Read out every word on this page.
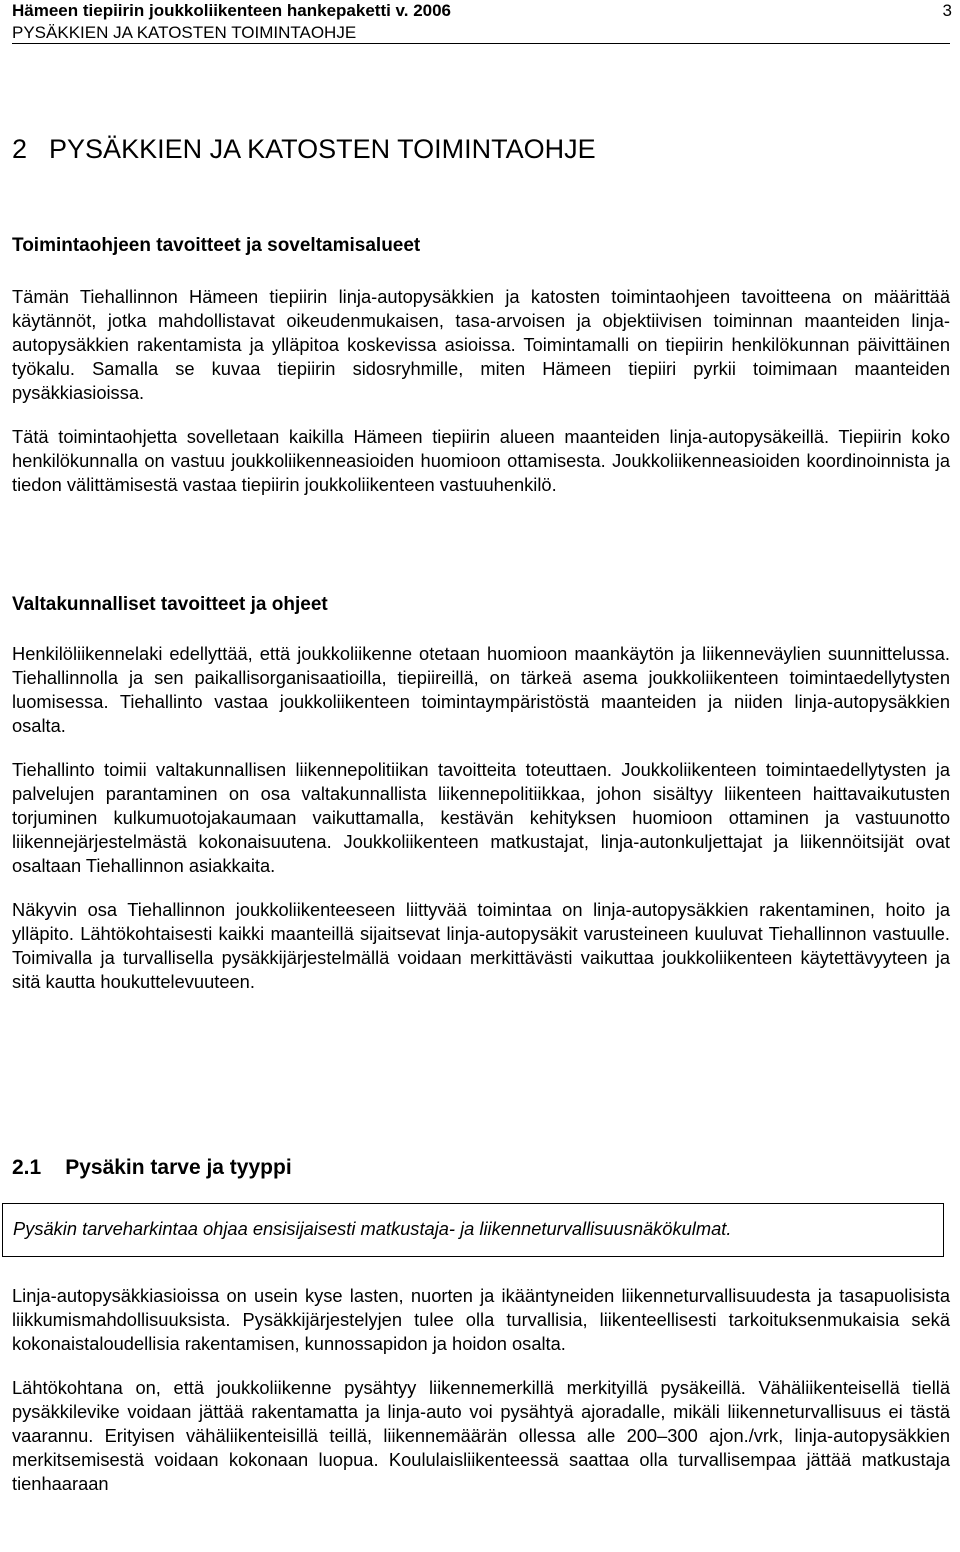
Hämeen tiepiirin joukkoliikenteen hankepaketti v. 2006
PYSÄKKIEN JA KATOSTEN TOIMINTAOHJE
3
2 PYSÄKKIEN JA KATOSTEN TOIMINTAOHJE
Toimintaohjeen tavoitteet ja soveltamisalueet
Tämän Tiehallinnon Hämeen tiepiirin linja-autopysäkkien ja katosten toimintaohjeen tavoitteena on määrittää käytännöt, jotka mahdollistavat oikeudenmukaisen, tasa-arvoisen ja objektiivisen toiminnan maanteiden linja-autopysäkkien rakentamista ja ylläpitoa koskevissa asioissa. Toimintamalli on tiepiirin henkilökunnan päivittäinen työkalu. Samalla se kuvaa tiepiirin sidosryhmille, miten Hämeen tiepiiri pyrkii toimimaan maanteiden pysäkkiasioissa.
Tätä toimintaohjetta sovelletaan kaikilla Hämeen tiepiirin alueen maanteiden linja-autopysäkeillä. Tiepiirin koko henkilökunnalla on vastuu joukkoliikenneasioiden huomioon ottamisesta. Joukkoliikenneasioiden koordinoinnista ja tiedon välittämisestä vastaa tiepiirin joukkoliikenteen vastuuhenkilö.
Valtakunnalliset tavoitteet ja ohjeet
Henkilöliikennelaki edellyttää, että joukkoliikenne otetaan huomioon maankäytön ja liikenneväylien suunnittelussa. Tiehallinnolla ja sen paikallisorganisaatioilla, tiepiireillä, on tärkeä asema joukkoliikenteen toimintaedellytysten luomisessa. Tiehallinto vastaa joukkoliikenteen toimintaympäristöstä maanteiden ja niiden linja-autopysäkkien osalta.
Tiehallinto toimii valtakunnallisen liikennepolitiikan tavoitteita toteuttaen. Joukkoliikenteen toimintaedellytysten ja palvelujen parantaminen on osa valtakunnallista liikennepolitiikkaa, johon sisältyy liikenteen haittavaikutusten torjuminen kulkumuotojakaumaan vaikuttamalla, kestävän kehityksen huomioon ottaminen ja vastuunotto liikennejärjestelmästä kokonaisuutena. Joukkoliikenteen matkustajat, linja-autonkuljettajat ja liikennöitsijät ovat osaltaan Tiehallinnon asiakkaita.
Näkyvin osa Tiehallinnon joukkoliikenteeseen liittyvää toimintaa on linja-autopysäkkien rakentaminen, hoito ja ylläpito. Lähtökohtaisesti kaikki maanteillä sijaitsevat linja-autopysäkit varusteineen kuuluvat Tiehallinnon vastuulle. Toimivalla ja turvallisella pysäkkijärjestelmällä voidaan merkittävästi vaikuttaa joukkoliikenteen käytettävyyteen ja sitä kautta houkuttelevuuteen.
2.1 Pysäkin tarve ja tyyppi
Pysäkin tarveharkintaa ohjaa ensisijaisesti matkustaja- ja liikenneturvallisuusnäkökulmat.
Linja-autopysäkkiasioissa on usein kyse lasten, nuorten ja ikääntyneiden liikenneturvallisuudesta ja tasapuolisista liikkumismahdollisuuksista. Pysäkkijärjestelyjen tulee olla turvallisia, liikenteellisesti tarkoituksenmukaisia sekä kokonaistaloudellisia rakentamisen, kunnossapidon ja hoidon osalta.
Lähtökohtana on, että joukkoliikenne pysähtyy liikennemerkillä merkityillä pysäkeillä. Vähäliikenteisellä tiellä pysäkkilevike voidaan jättää rakentamatta ja linja-auto voi pysähtyä ajoradalle, mikäli liikenneturvallisuus ei tästä vaarannu. Erityisen vähäliikenteisillä teillä, liikennemäärän ollessa alle 200–300 ajon./vrk, linja-autopysäkkien merkitsemisestä voidaan kokonaan luopua. Koululaisliikenteessä saattaa olla turvallisempaa jättää matkustaja tienhaaraan
